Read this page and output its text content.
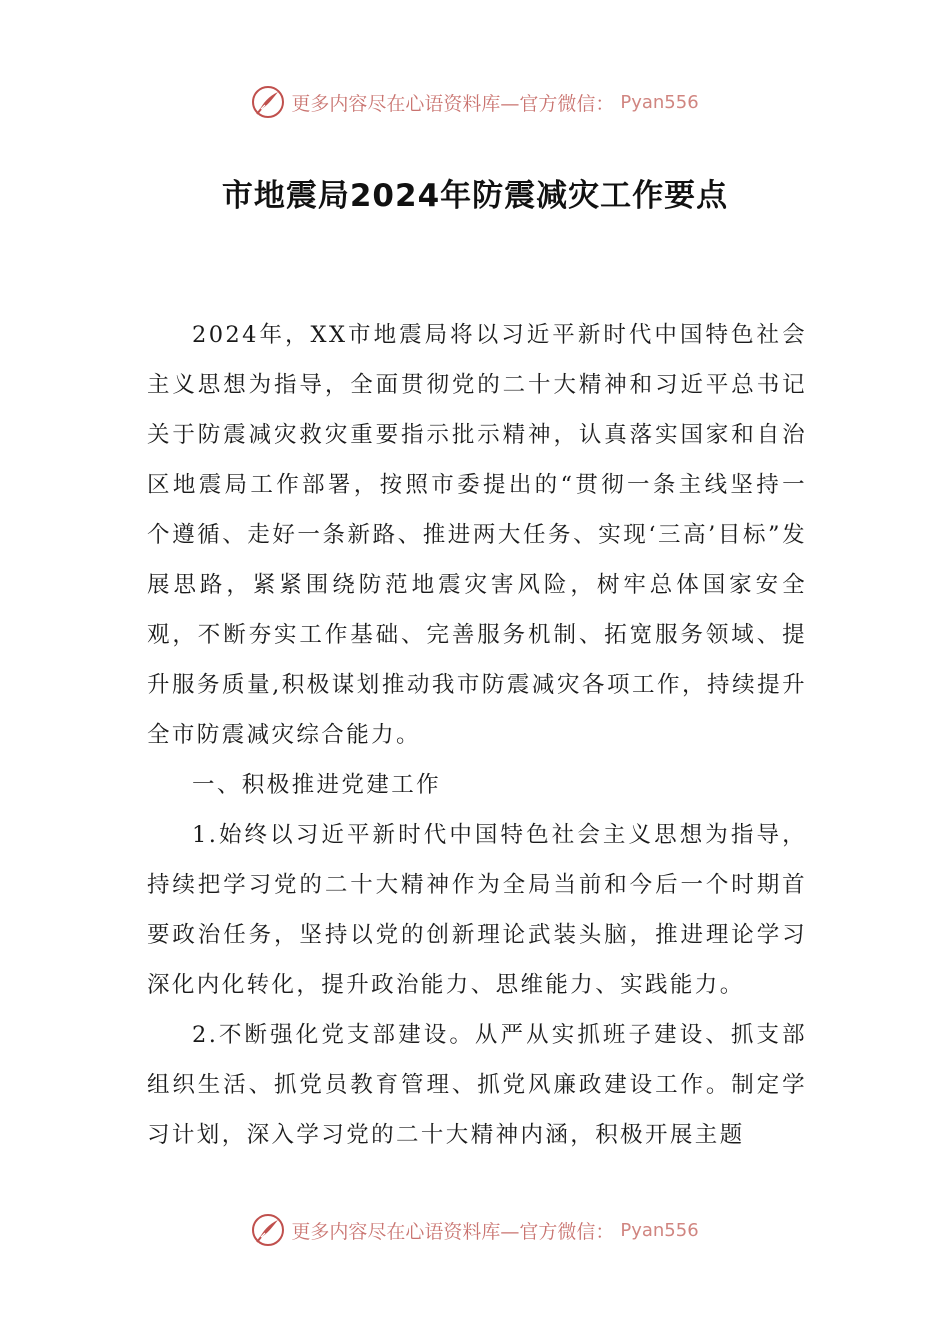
更多内容尽在心语资料库—官方微信： Pyan556
市地震局2024年防震减灾工作要点

2024年，XX市地震局将以习近平新时代中国特色社会主义思想为指导，全面贯彻党的二十大精神和习近平总书记关于防震减灾救灾重要指示批示精神，认真落实国家和自治区地震局工作部署，按照市委提出的“贯彻一条主线坚持一个遵循、走好一条新路、推进两大任务、实现‘三高’目标”发展思路，紧紧围绕防范地震灾害风险，树牢总体国家安全观，不断夯实工作基础、完善服务机制、拓宽服务领域、提升服务质量,积极谋划推动我市防震减灾各项工作，持续提升全市防震减灾综合能力。

一、积极推进党建工作

1.始终以习近平新时代中国特色社会主义思想为指导，持续把学习党的二十大精神作为全局当前和今后一个时期首要政治任务，坚持以党的创新理论武装头脑，推进理论学习深化内化转化，提升政治能力、思维能力、实践能力。

2.不断强化党支部建设。从严从实抓班子建设、抓支部组织生活、抓党员教育管理、抓党风廉政建设工作。制定学习计划，深入学习党的二十大精神内涵，积极开展主题

更多内容尽在心语资料库—官方微信： Pyan556
